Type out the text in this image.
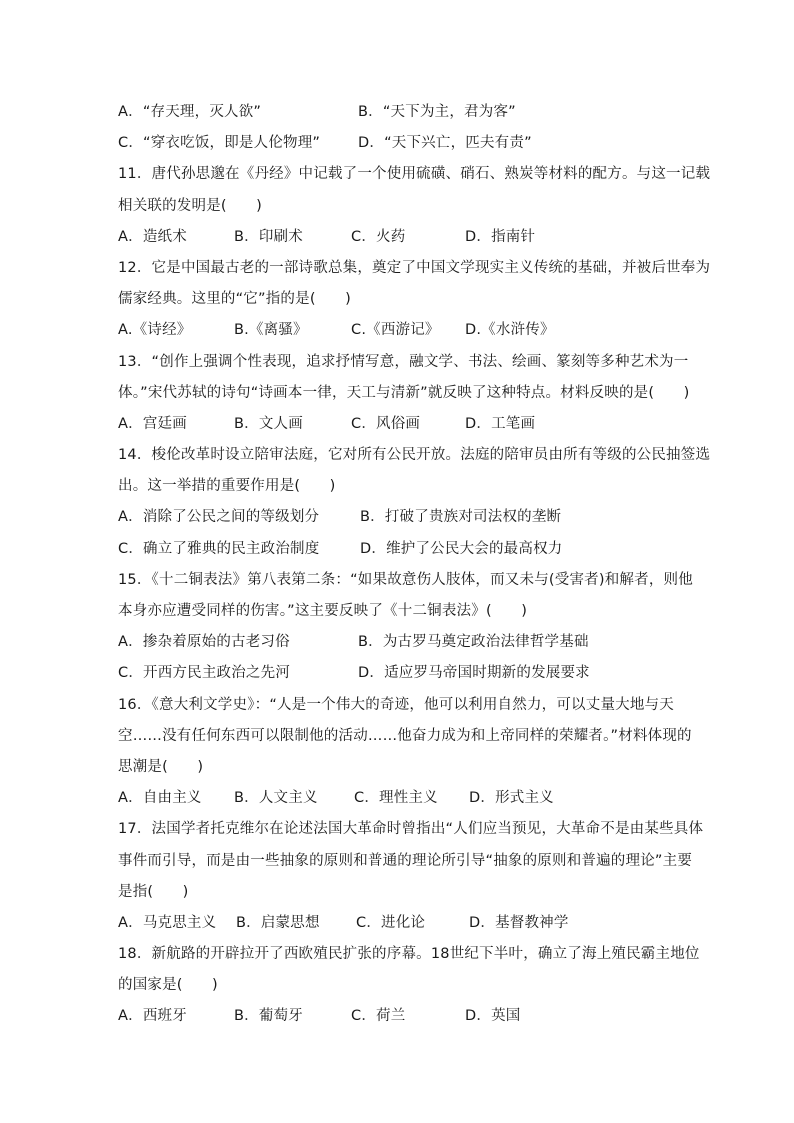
A．“存天理，灭人欲”	B．“天下为主，君为客”
C．“穿衣吃饭，即是人伦物理”	D．“天下兴亡，匹夫有责”
11．唐代孙思邈在《丹经》中记载了一个使用硫磺、硝石、熟炭等材料的配方。与这一记载
相关联的发明是(　　)
A．造纸术	B．印刷术	C．火药	D．指南针
12．它是中国最古老的一部诗歌总集，奠定了中国文学现实主义传统的基础，并被后世奉为
儒家经典。这里的“它”指的是(　　)
A.《诗经》	B.《离骚》	C.《西游记》 D.《水浒传》
13．“创作上强调个性表现，追求抒情写意，融文学、书法、绘画、篆刻等多种艺术为一
体。”宋代苏轼的诗句“诗画本一律，天工与清新”就反映了这种特点。材料反映的是(　　)
A．宫廷画	B．文人画	C．风俗画	D．工笔画
14．梭伦改革时设立陪审法庭，它对所有公民开放。法庭的陪审员由所有等级的公民抽签选
出。这一举措的重要作用是(　　)
A．消除了公民之间的等级划分	B．打破了贵族对司法权的垄断
C．确立了雅典的民主政治制度	D．维护了公民大会的最高权力
15．《十二铜表法》第八表第二条：“如果故意伤人肢体，而又未与(受害者)和解者，则他
本身亦应遭受同样的伤害。”这主要反映了《十二铜表法》(　　)
A．掺杂着原始的古老习俗	B．为古罗马奠定政治法律哲学基础
C．开西方民主政治之先河	D．适应罗马帝国时期新的发展要求
16．《意大利文学史》：“人是一个伟大的奇迹，他可以利用自然力，可以丈量大地与天
空……没有任何东西可以限制他的活动……他奋力成为和上帝同样的荣耀者。”材料体现的
思潮是(　　)
A．自由主义 B．人文主义	C．理性主义 D．形式主义
17．法国学者托克维尔在论述法国大革命时曾指出“人们应当预见，大革命不是由某些具体
事件而引导，而是由一些抽象的原则和普通的理论所引导“抽象的原则和普遍的理论”主要
是指(　　)
A．马克思主义 B．启蒙思想	C．进化论	D．基督教神学
18．新航路的开辟拉开了西欧殖民扩张的序幕。18世纪下半叶，确立了海上殖民霸主地位
的国家是(　　)
A．西班牙	B．葡萄牙	C．荷兰	D．英国
